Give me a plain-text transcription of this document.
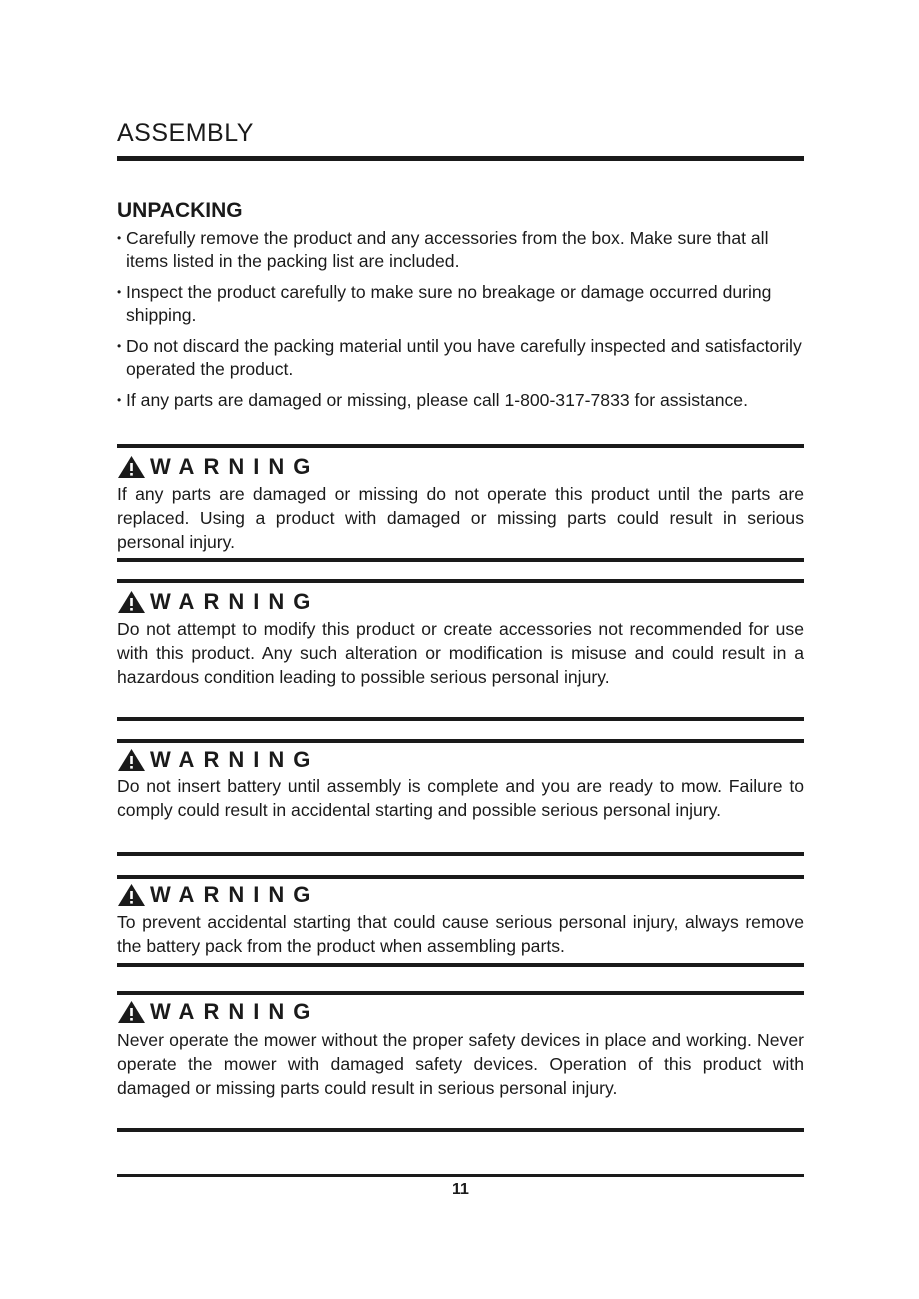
ASSEMBLY
UNPACKING
• Carefully remove the product and any accessories from the box. Make sure that all items listed in the packing list are included.
• Inspect the product carefully to make sure no breakage or damage occurred during shipping.
• Do not discard the packing material until you have carefully inspected and satisfactorily operated the product.
• If any parts are damaged or missing, please call 1-800-317-7833 for assistance.
WARNING
If any parts are damaged or missing do not operate this product until the parts are replaced. Using a product with damaged or missing parts could result in serious personal injury.
WARNING
Do not attempt to modify this product or create accessories not recommended for use with this product. Any such alteration or modification is misuse and could result in a hazardous condition leading to possible serious personal injury.
WARNING
Do not insert battery until assembly is complete and you are ready to mow. Failure to comply could result in accidental starting and possible serious personal injury.
WARNING
To prevent accidental starting that could cause serious personal injury, always remove the battery pack from the product when assembling parts.
WARNING
Never operate the mower without the proper safety devices in place and working. Never operate the mower with damaged safety devices. Operation of this product with damaged or missing parts could result in serious personal injury.
11
